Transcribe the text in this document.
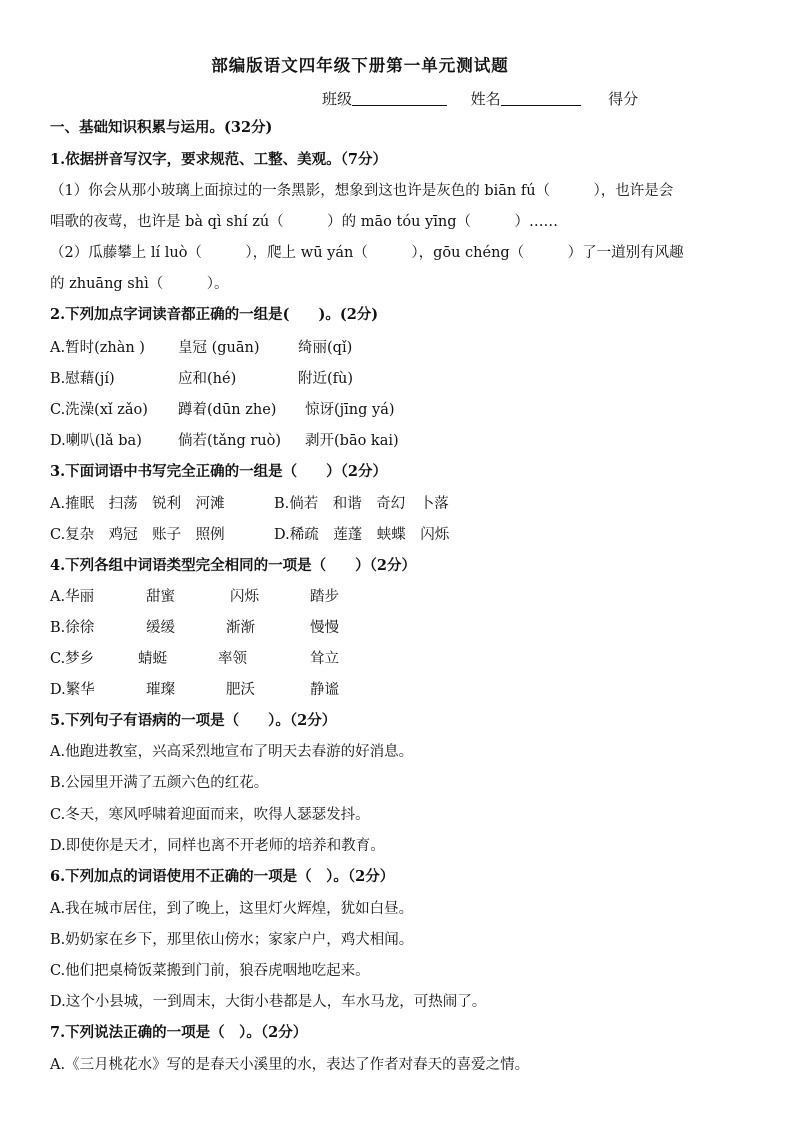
部编版语文四年级下册第一单元测试题
班级	姓名	得分
一、基础知识积累与运用。(32分)
1.依据拼音写汉字，要求规范、工整、美观。（7分）
（1）你会从那小玻璃上面掠过的一条黑影，想象到这也许是灰色的 biān fú（　　　），也许是会
唱歌的夜莺，也许是 bà qì shí zú（　　　）的 māo tóu yīng（　　　）……
（2）瓜藤攀上 lí luò（　　　），爬上 wū yán（　　　），gōu chéng（　　　）了一道别有风趣
的 zhuāng shì（　　　）。
2.下列加点字词读音都正确的一组是(　　)。(2分)
A.暂时(zhàn ) 皇冠 (guān)	绮丽(qǐ)
B.慰藉(jí)	应和(hé)	附近(fù)
C.洗澡(xǐ zǎo) 蹲着(dūn zhe) 惊讶(jīng yá)
D.喇叭(lǎ ba) 倘若(tǎng ruò) 剥开(bāo kai)
3.下面词语中书写完全正确的一组是（　　）（2分）
A.搉眠　扫荡　锐利　河滩	B.倘若　和谐　奇幻　卜落
C.复杂　鸡冠　账子　照例	D.稀疏　莲蓬　蛱蝶　闪烁
4.下列各组中词语类型完全相同的一项是（　　）（2分）
A.华丽	甜蜜	闪烁	踏步
B.徐徐	缓缓	渐渐	慢慢
C.梦乡	蜻蜓	率领	耸立
D.繁华	璀璨	肥沃	静谧
5.下列句子有语病的一项是（　　）。（2分）
A.他跑进教室，兴高采烈地宣布了明天去春游的好消息。
B.公园里开满了五颜六色的红花。
C.冬天，寒风呼啸着迎面而来，吹得人瑟瑟发抖。
D.即使你是天才，同样也离不开老师的培养和教育。
6.下列加点的词语使用不正确的一项是（　）。（2分）
A.我在城市居住，到了晚上，这里灯火辉煌，犹如白昼。
B.奶奶家在乡下，那里依山傍水；家家户户，鸡犬相闻。
C.他们把桌椅饭菜搬到门前，狼吞虎咽地吃起来。
D.这个小县城，一到周末，大街小巷都是人，车水马龙，可热闹了。
7.下列说法正确的一项是（　）。（2分）
A.《三月桃花水》写的是春天小溪里的水，表达了作者对春天的喜爱之情。
